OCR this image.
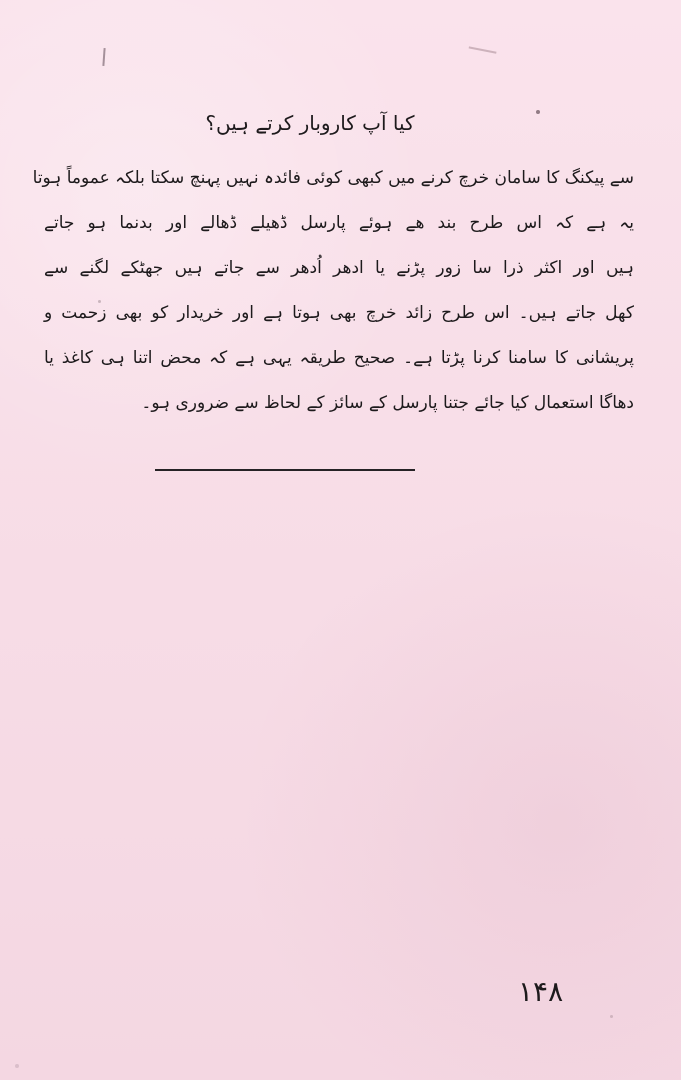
کیا آپ کاروبار کرتے ہیں؟
سے پیکنگ کا سامان خرچ کرنے میں کبھی کوئی فائدہ نہیں پہنچ سکتا بلکہ عموماً ہوتا
یہ ہے کہ اس طرح بند ھے ہوئے پارسل ڈھیلے ڈھالے اور بدنما ہو جاتے
ہیں اور اکثر ذرا سا زور پڑنے یا ادھر اُدھر سے جاتے ہیں جھٹکے لگنے سے
کھل جاتے ہیں۔ اس طرح زائد خرچ بھی ہوتا ہے اور خریدار کو بھی زحمت و
پریشانی کا سامنا کرنا پڑتا ہے۔ صحیح طریقہ یہی ہے کہ محض اتنا ہی کاغذ یا
دھاگا استعمال کیا جائے جتنا پارسل کے سائز کے لحاظ سے ضروری ہو۔
۱۴۸
